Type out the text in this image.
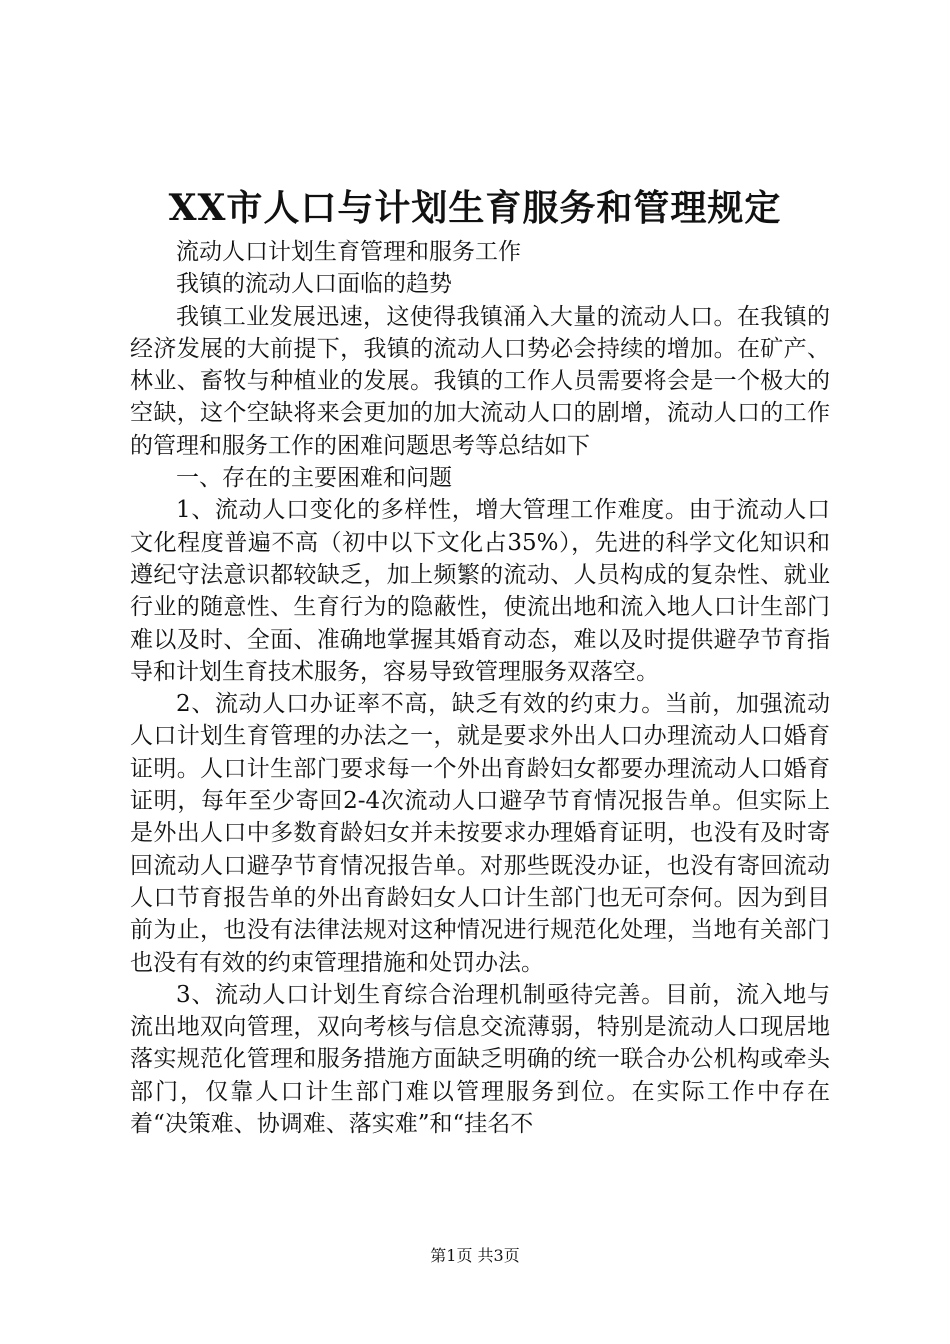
XX市人口与计划生育服务和管理规定

流动人口计划生育管理和服务工作

我镇的流动人口面临的趋势

我镇工业发展迅速，这使得我镇涌入大量的流动人口。在我镇的经济发展的大前提下，我镇的流动人口势必会持续的增加。在矿产、林业、畜牧与种植业的发展。我镇的工作人员需要将会是一个极大的空缺，这个空缺将来会更加的加大流动人口的剧增，流动人口的工作的管理和服务工作的困难问题思考等总结如下

一、存在的主要困难和问题

1、流动人口变化的多样性，增大管理工作难度。由于流动人口文化程度普遍不高（初中以下文化占35%），先进的科学文化知识和遵纪守法意识都较缺乏，加上频繁的流动、人员构成的复杂性、就业行业的随意性、生育行为的隐蔽性，使流出地和流入地人口计生部门难以及时、全面、准确地掌握其婚育动态，难以及时提供避孕节育指导和计划生育技术服务，容易导致管理服务双落空。

2、流动人口办证率不高，缺乏有效的约束力。当前，加强流动人口计划生育管理的办法之一，就是要求外出人口办理流动人口婚育证明。人口计生部门要求每一个外出育龄妇女都要办理流动人口婚育证明，每年至少寄回2-4次流动人口避孕节育情况报告单。但实际上是外出人口中多数育龄妇女并未按要求办理婚育证明，也没有及时寄回流动人口避孕节育情况报告单。对那些既没办证，也没有寄回流动人口节育报告单的外出育龄妇女人口计生部门也无可奈何。因为到目前为止，也没有法律法规对这种情况进行规范化处理，当地有关部门也没有有效的约束管理措施和处罚办法。

3、流动人口计划生育综合治理机制亟待完善。目前，流入地与流出地双向管理，双向考核与信息交流薄弱，特别是流动人口现居地落实规范化管理和服务措施方面缺乏明确的统一联合办公机构或牵头部门，仅靠人口计生部门难以管理服务到位。在实际工作中存在着“决策难、协调难、落实难”和“挂名不

第1页 共3页
